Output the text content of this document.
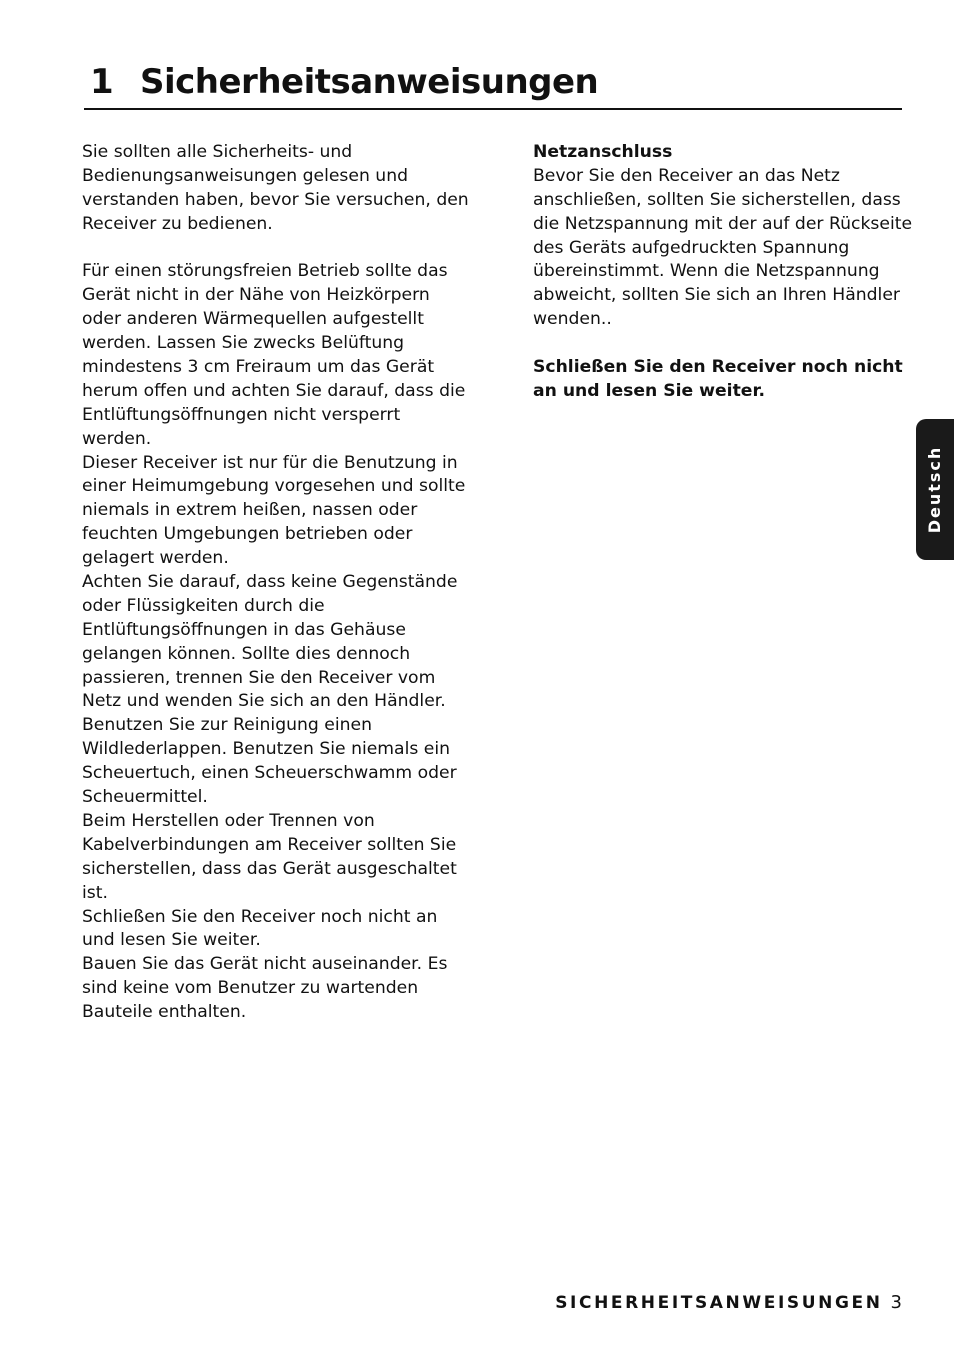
1 Sicherheitsanweisungen
Sie sollten alle Sicherheits- und
Bedienungsanweisungen gelesen und
verstanden haben, bevor Sie versuchen, den
Receiver zu bedienen.
Für einen störungsfreien Betrieb sollte das
Gerät nicht in der Nähe von Heizkörpern
oder anderen Wärmequellen aufgestellt
werden. Lassen Sie zwecks Belüftung
mindestens 3 cm Freiraum um das Gerät
herum offen und achten Sie darauf, dass die
Entlüftungsöffnungen nicht versperrt
werden.
Dieser Receiver ist nur für die Benutzung in
einer Heimumgebung vorgesehen und sollte
niemals in extrem heißen, nassen oder
feuchten Umgebungen betrieben oder
gelagert werden.
Achten Sie darauf, dass keine Gegenstände
oder Flüssigkeiten durch die
Entlüftungsöffnungen in das Gehäuse
gelangen können. Sollte dies dennoch
passieren, trennen Sie den Receiver vom
Netz und wenden Sie sich an den Händler.
Benutzen Sie zur Reinigung einen
Wildlederlappen. Benutzen Sie niemals ein
Scheuertuch, einen Scheuerschwamm oder
Scheuermittel.
Beim Herstellen oder Trennen von
Kabelverbindungen am Receiver sollten Sie
sicherstellen, dass das Gerät ausgeschaltet
ist.
Schließen Sie den Receiver noch nicht an
und lesen Sie weiter.
Bauen Sie das Gerät nicht auseinander. Es
sind keine vom Benutzer zu wartenden
Bauteile enthalten.
Netzanschluss
Bevor Sie den Receiver an das Netz
anschließen, sollten Sie sicherstellen, dass
die Netzspannung mit der auf der Rückseite
des Geräts aufgedruckten Spannung
übereinstimmt. Wenn die Netzspannung
abweicht, sollten Sie sich an Ihren Händler
wenden..
Schließen Sie den Receiver noch nicht
an und lesen Sie weiter.
Deutsch
SICHERHEITSANWEISUNGEN 3
